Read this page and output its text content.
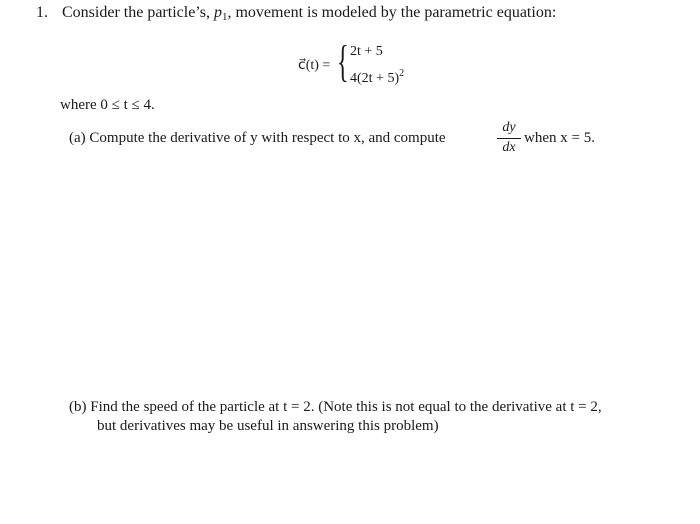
1. Consider the particle’s, $p_1$, movement is modeled by the parametric equation:
c⃗(t) = { 2t + 5
$4(2t + 5)^2$
where 0 ≤ t ≤ 4.
(a) Compute the derivative of y with respect to x, and compute
dy
dx
when x = 5.
(b) Find the speed of the particle at t = 2. (Note this is not equal to the derivative at t = 2,
but derivatives may be useful in answering this problem)
